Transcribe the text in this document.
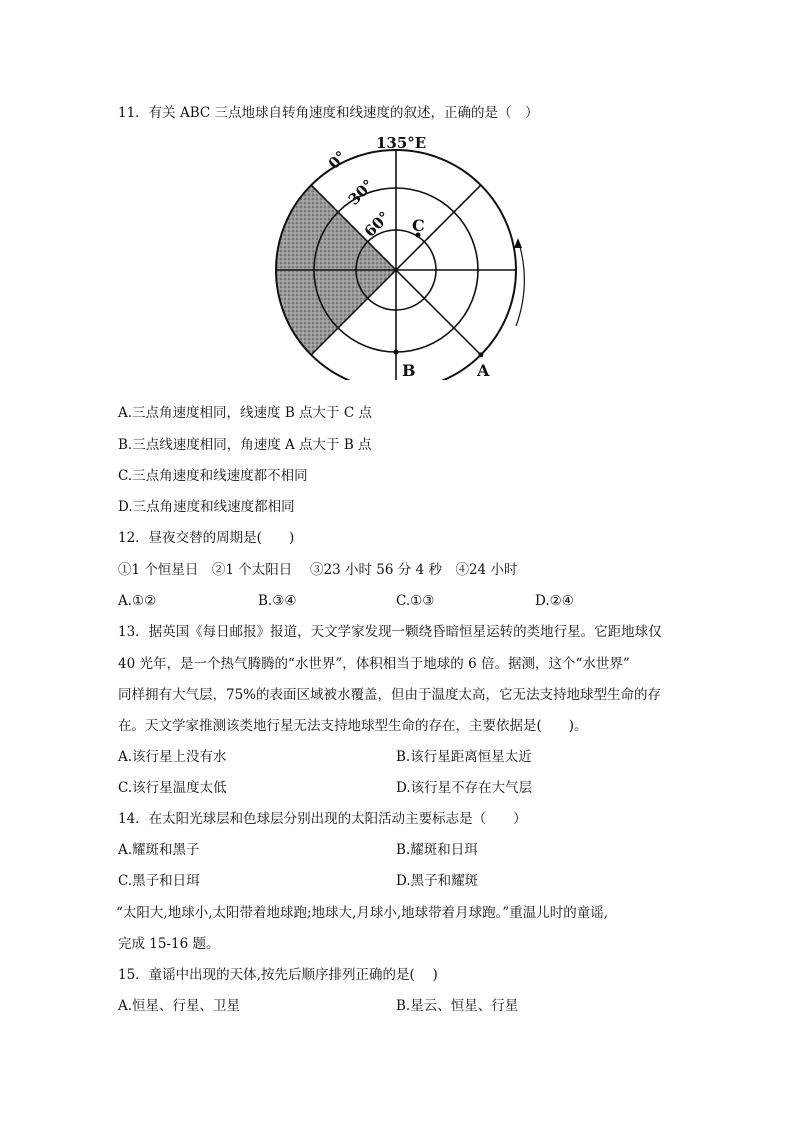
11．有关 ABC 三点地球自转角速度和线速度的叙述，正确的是（　）
135°E
0°
30°
60° C
B	A
A.三点角速度相同，线速度 B 点大于 C 点
B.三点线速度相同，角速度 A 点大于 B 点
C.三点角速度和线速度都不相同
D.三点角速度和线速度都相同
12．昼夜交替的周期是(　　)
①1 个恒星日　②1 个太阳日　 ③23 小时 56 分 4 秒　④24 小时
A.①②	B.③④	C.①③	D.②④
13．据英国《每日邮报》报道，天文学家发现一颗绕昏暗恒星运转的类地行星。它距地球仅
40 光年，是一个热气腾腾的“水世界”，体积相当于地球的 6 倍。据测，这个“水世界”
同样拥有大气层，75%的表面区域被水覆盖，但由于温度太高，它无法支持地球型生命的存
在。天文学家推测该类地行星无法支持地球型生命的存在，主要依据是(　　)。
A.该行星上没有水	B.该行星距离恒星太近
C.该行星温度太低	D.该行星不存在大气层
14．在太阳光球层和色球层分别出现的太阳活动主要标志是（　　）
A.耀斑和黑子	B.耀斑和日珥
C.黑子和日珥	D.黑子和耀斑
“太阳大,地球小,太阳带着地球跑;地球大,月球小,地球带着月球跑。”重温儿时的童谣,
完成 15-16 题。
15．童谣中出现的天体,按先后顺序排列正确的是(　 )
A.恒星、行星、卫星	B.星云、恒星、行星
